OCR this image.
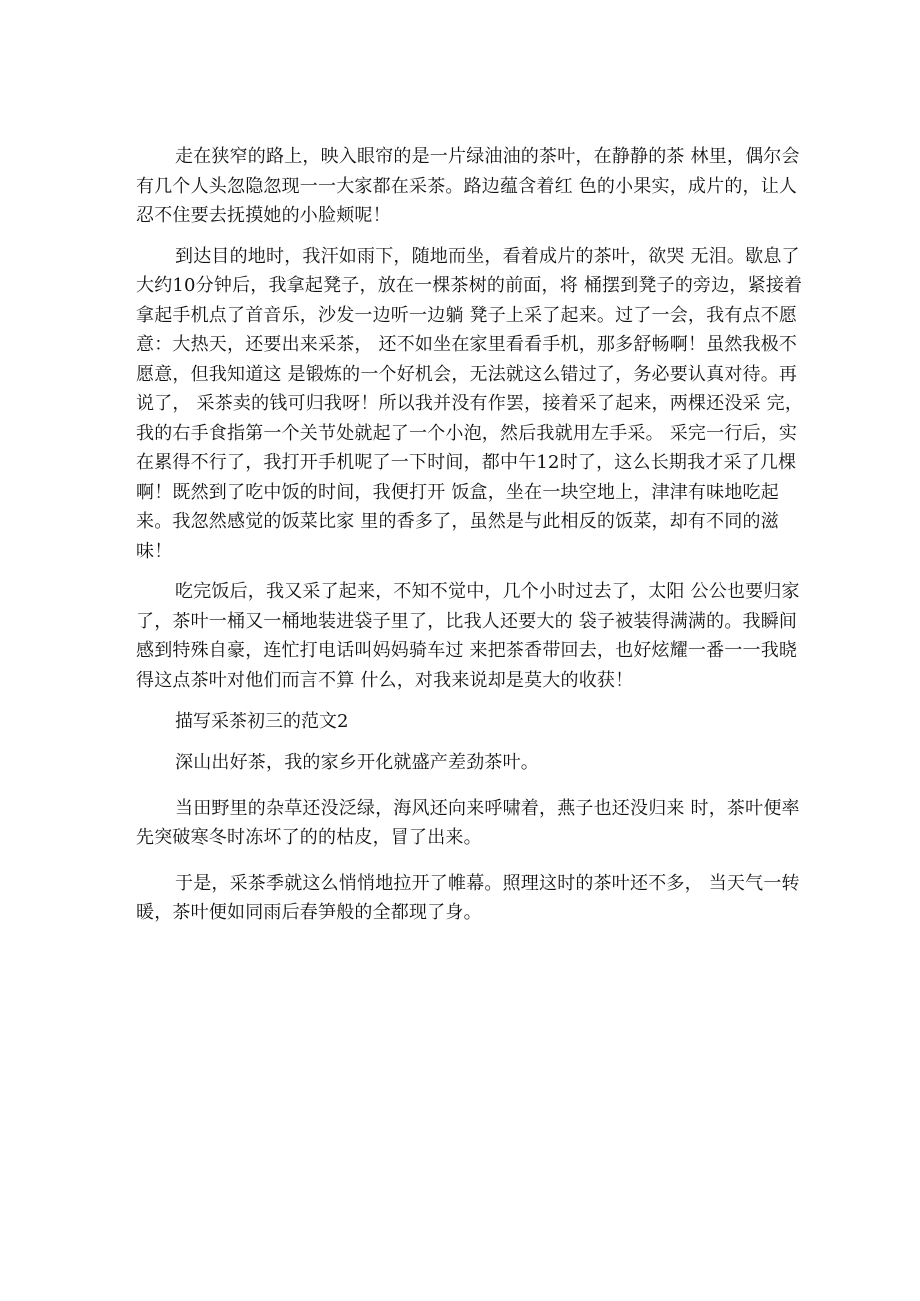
走在狭窄的路上，映入眼帘的是一片绿油油的茶叶，在静静的茶 林里，偶尔会有几个人头忽隐忽现一一大家都在采茶。路边蕴含着红 色的小果实，成片的，让人忍不住要去抚摸她的小脸颊呢！

到达目的地时，我汗如雨下，随地而坐，看着成片的茶叶，欲哭 无泪。歇息了大约10分钟后，我拿起凳子，放在一棵茶树的前面，将 桶摆到凳子的旁边，紧接着拿起手机点了首音乐，沙发一边听一边躺 凳子上采了起来。过了一会，我有点不愿意：大热天，还要出来采茶， 还不如坐在家里看看手机，那多舒畅啊！虽然我极不愿意，但我知道这 是锻炼的一个好机会，无法就这么错过了，务必要认真对待。再说了， 采茶卖的钱可归我呀！所以我并没有作罢，接着采了起来，两棵还没采 完，我的右手食指第一个关节处就起了一个小泡，然后我就用左手采。 采完一行后，实在累得不行了，我打开手机呢了一下时间，都中午12时了，这么长期我才采了几棵啊！既然到了吃中饭的时间，我便打开 饭盒，坐在一块空地上，津津有味地吃起来。我忽然感觉的饭菜比家 里的香多了，虽然是与此相反的饭菜，却有不同的滋味！

吃完饭后，我又采了起来，不知不觉中，几个小时过去了，太阳 公公也要归家了，茶叶一桶又一桶地装进袋子里了，比我人还要大的 袋子被装得满满的。我瞬间感到特殊自豪，连忙打电话叫妈妈骑车过 来把茶香带回去，也好炫耀一番一一我晓得这点茶叶对他们而言不算 什么，对我来说却是莫大的收获！

描写采茶初三的范文2

深山出好茶，我的家乡开化就盛产差劲茶叶。

当田野里的杂草还没泛绿，海风还向来呼啸着，燕子也还没归来 时，茶叶便率先突破寒冬时冻坏了的的枯皮，冒了出来。

于是，采茶季就这么悄悄地拉开了帷幕。照理这时的茶叶还不多， 当天气一转暖，茶叶便如同雨后春笋般的全都现了身。
